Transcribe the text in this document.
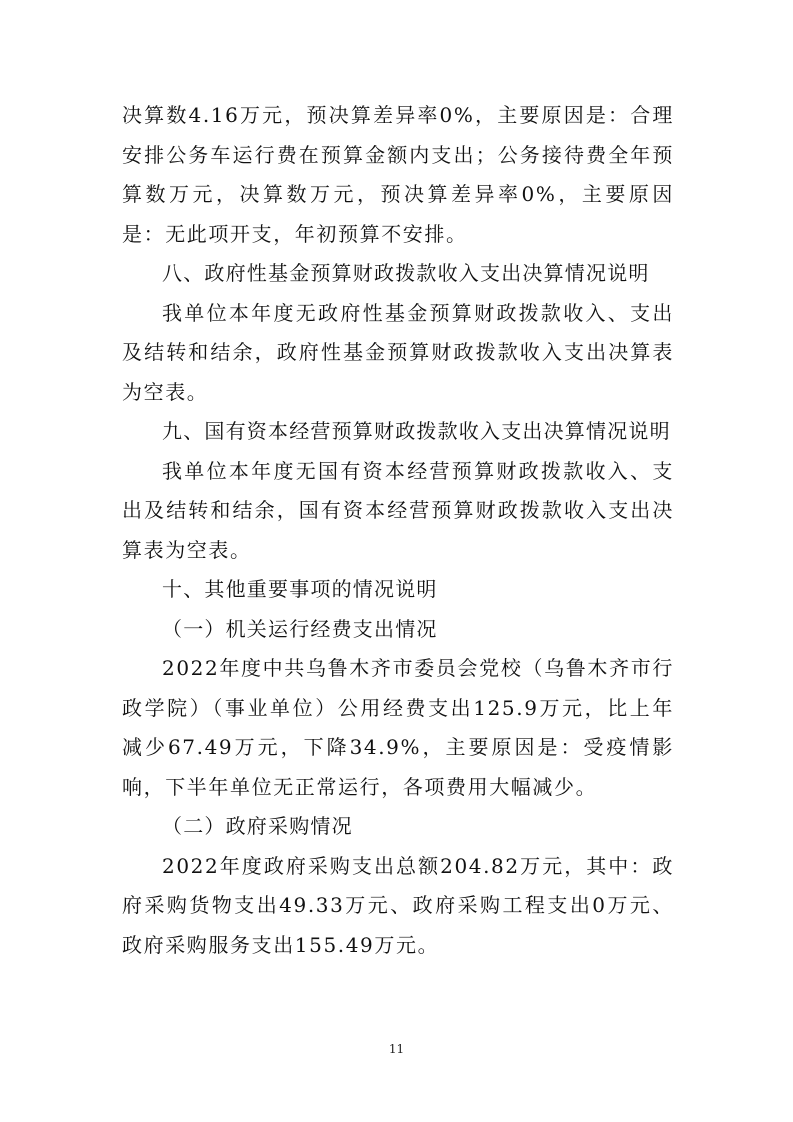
决算数4.16万元，预决算差异率0%，主要原因是：合理安排公务车运行费在预算金额内支出；公务接待费全年预算数万元，决算数万元，预决算差异率0%，主要原因是：无此项开支，年初预算不安排。

八、政府性基金预算财政拨款收入支出决算情况说明

我单位本年度无政府性基金预算财政拨款收入、支出及结转和结余，政府性基金预算财政拨款收入支出决算表为空表。

九、国有资本经营预算财政拨款收入支出决算情况说明

我单位本年度无国有资本经营预算财政拨款收入、支出及结转和结余，国有资本经营预算财政拨款收入支出决算表为空表。

十、其他重要事项的情况说明

（一）机关运行经费支出情况

2022年度中共乌鲁木齐市委员会党校（乌鲁木齐市行政学院）（事业单位）公用经费支出125.9万元，比上年减少67.49万元，下降34.9%，主要原因是：受疫情影响，下半年单位无正常运行，各项费用大幅减少。

（二）政府采购情况

2022年度政府采购支出总额204.82万元，其中：政府采购货物支出49.33万元、政府采购工程支出0万元、政府采购服务支出155.49万元。

11
